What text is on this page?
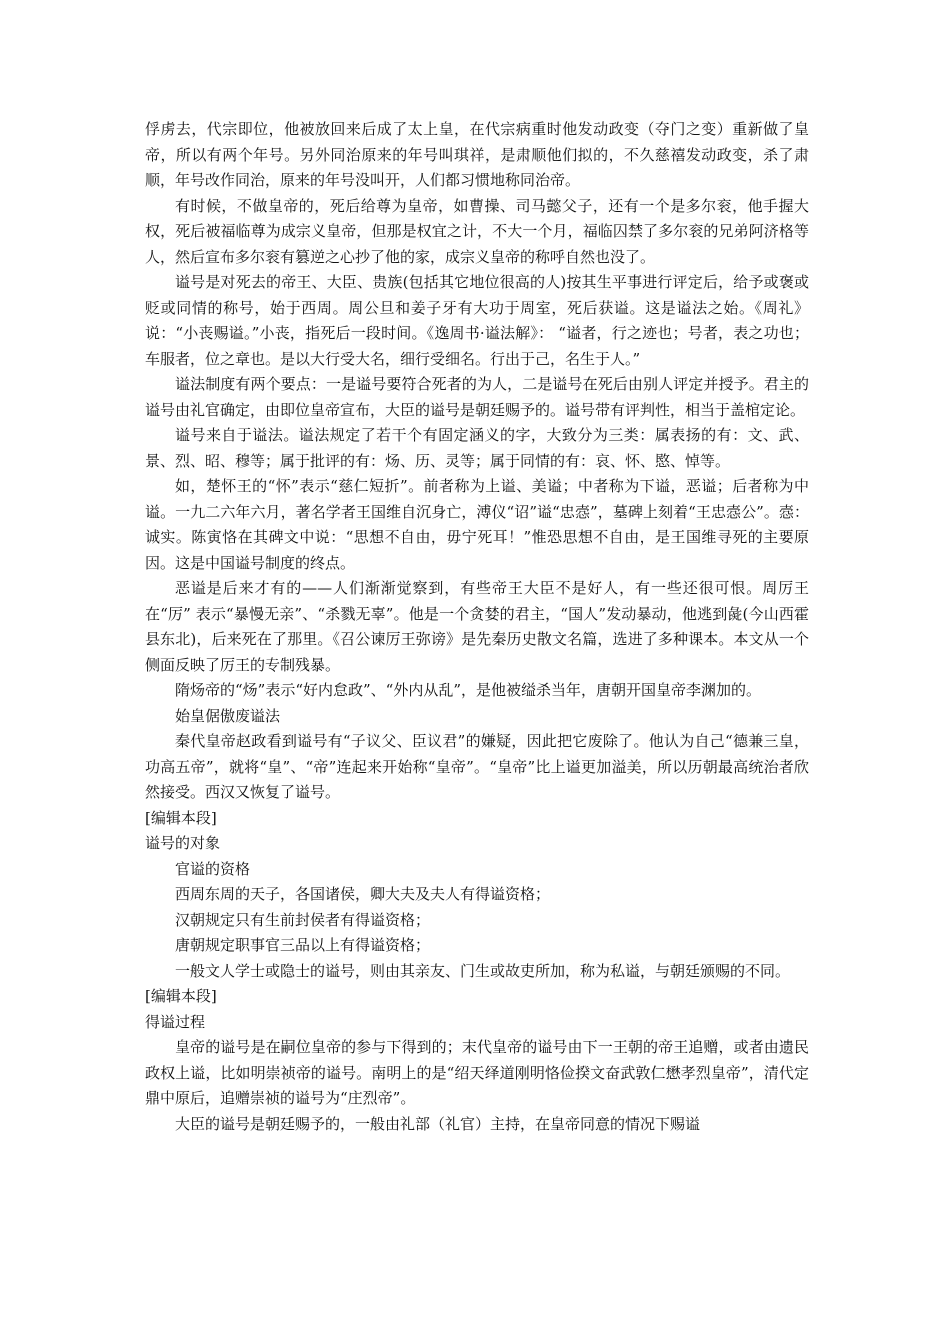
俘虏去，代宗即位，他被放回来后成了太上皇，在代宗病重时他发动政变（夺门之变）重新做了皇帝，所以有两个年号。另外同治原来的年号叫琪祥，是肃顺他们拟的，不久慈禧发动政变，杀了肃顺，年号改作同治，原来的年号没叫开，人们都习惯地称同治帝。

有时候，不做皇帝的，死后给尊为皇帝，如曹操、司马懿父子，还有一个是多尔衮，他手握大权，死后被福临尊为成宗义皇帝，但那是权宜之计，不大一个月，福临囚禁了多尔衮的兄弟阿济格等人，然后宣布多尔衮有篡逆之心抄了他的家，成宗义皇帝的称呼自然也没了。

谥号是对死去的帝王、大臣、贵族(包括其它地位很高的人)按其生平事进行评定后，给予或褒或贬或同情的称号，始于西周。周公旦和姜子牙有大功于周室，死后获谥。这是谥法之始。《周礼》说：“小丧赐谥。”小丧，指死后一段时间。《逸周书·谥法解》： “谥者，行之迹也；号者，表之功也；车服者，位之章也。是以大行受大名，细行受细名。行出于己，名生于人。”

谥法制度有两个要点：一是谥号要符合死者的为人，二是谥号在死后由别人评定并授予。君主的谥号由礼官确定，由即位皇帝宣布，大臣的谥号是朝廷赐予的。谥号带有评判性，相当于盖棺定论。

谥号来自于谥法。谥法规定了若干个有固定涵义的字，大致分为三类：属表扬的有：文、武、景、烈、昭、穆等；属于批评的有：炀、历、灵等；属于同情的有：哀、怀、愍、悼等。

如，楚怀王的“怀”表示“慈仁短折”。前者称为上谥、美谥；中者称为下谥，恶谥；后者称为中谥。一九二六年六月，著名学者王国维自沉身亡，溥仪“诏”谥“忠悫”，墓碑上刻着“王忠悫公”。悫：诚实。陈寅恪在其碑文中说：“思想不自由，毋宁死耳！”惟恐思想不自由，是王国维寻死的主要原因。这是中国谥号制度的终点。

恶谥是后来才有的——人们渐渐觉察到，有些帝王大臣不是好人，有一些还很可恨。周厉王在“厉” 表示“暴慢无亲”、“杀戮无辜”。他是一个贪婪的君主，“国人”发动暴动，他逃到彘(今山西霍县东北)，后来死在了那里。《召公谏厉王弥谤》是先秦历史散文名篇，选进了多种课本。本文从一个侧面反映了厉王的专制残暴。

隋炀帝的“炀”表示“好内怠政”、“外内从乱”，是他被缢杀当年，唐朝开国皇帝李渊加的。

始皇倨傲废谥法

秦代皇帝赵政看到谥号有“子议父、臣议君”的嫌疑，因此把它废除了。他认为自己“德兼三皇，功高五帝”，就将“皇”、“帝”连起来开始称“皇帝”。“皇帝”比上谥更加溢美，所以历朝最高统治者欣然接受。西汉又恢复了谥号。

[编辑本段]

谥号的对象

官谥的资格

西周东周的天子，各国诸侯，卿大夫及夫人有得谥资格；

汉朝规定只有生前封侯者有得谥资格；

唐朝规定职事官三品以上有得谥资格；

一般文人学士或隐士的谥号，则由其亲友、门生或故吏所加，称为私谥，与朝廷颁赐的不同。

[编辑本段]

得谥过程

皇帝的谥号是在嗣位皇帝的参与下得到的；末代皇帝的谥号由下一王朝的帝王追赠，或者由遗民政权上谥，比如明崇祯帝的谥号。南明上的是“绍天绎道刚明恪俭揆文奋武敦仁懋孝烈皇帝”，清代定鼎中原后，追赠崇祯的谥号为“庄烈帝”。

大臣的谥号是朝廷赐予的，一般由礼部（礼官）主持，在皇帝同意的情况下赐谥
